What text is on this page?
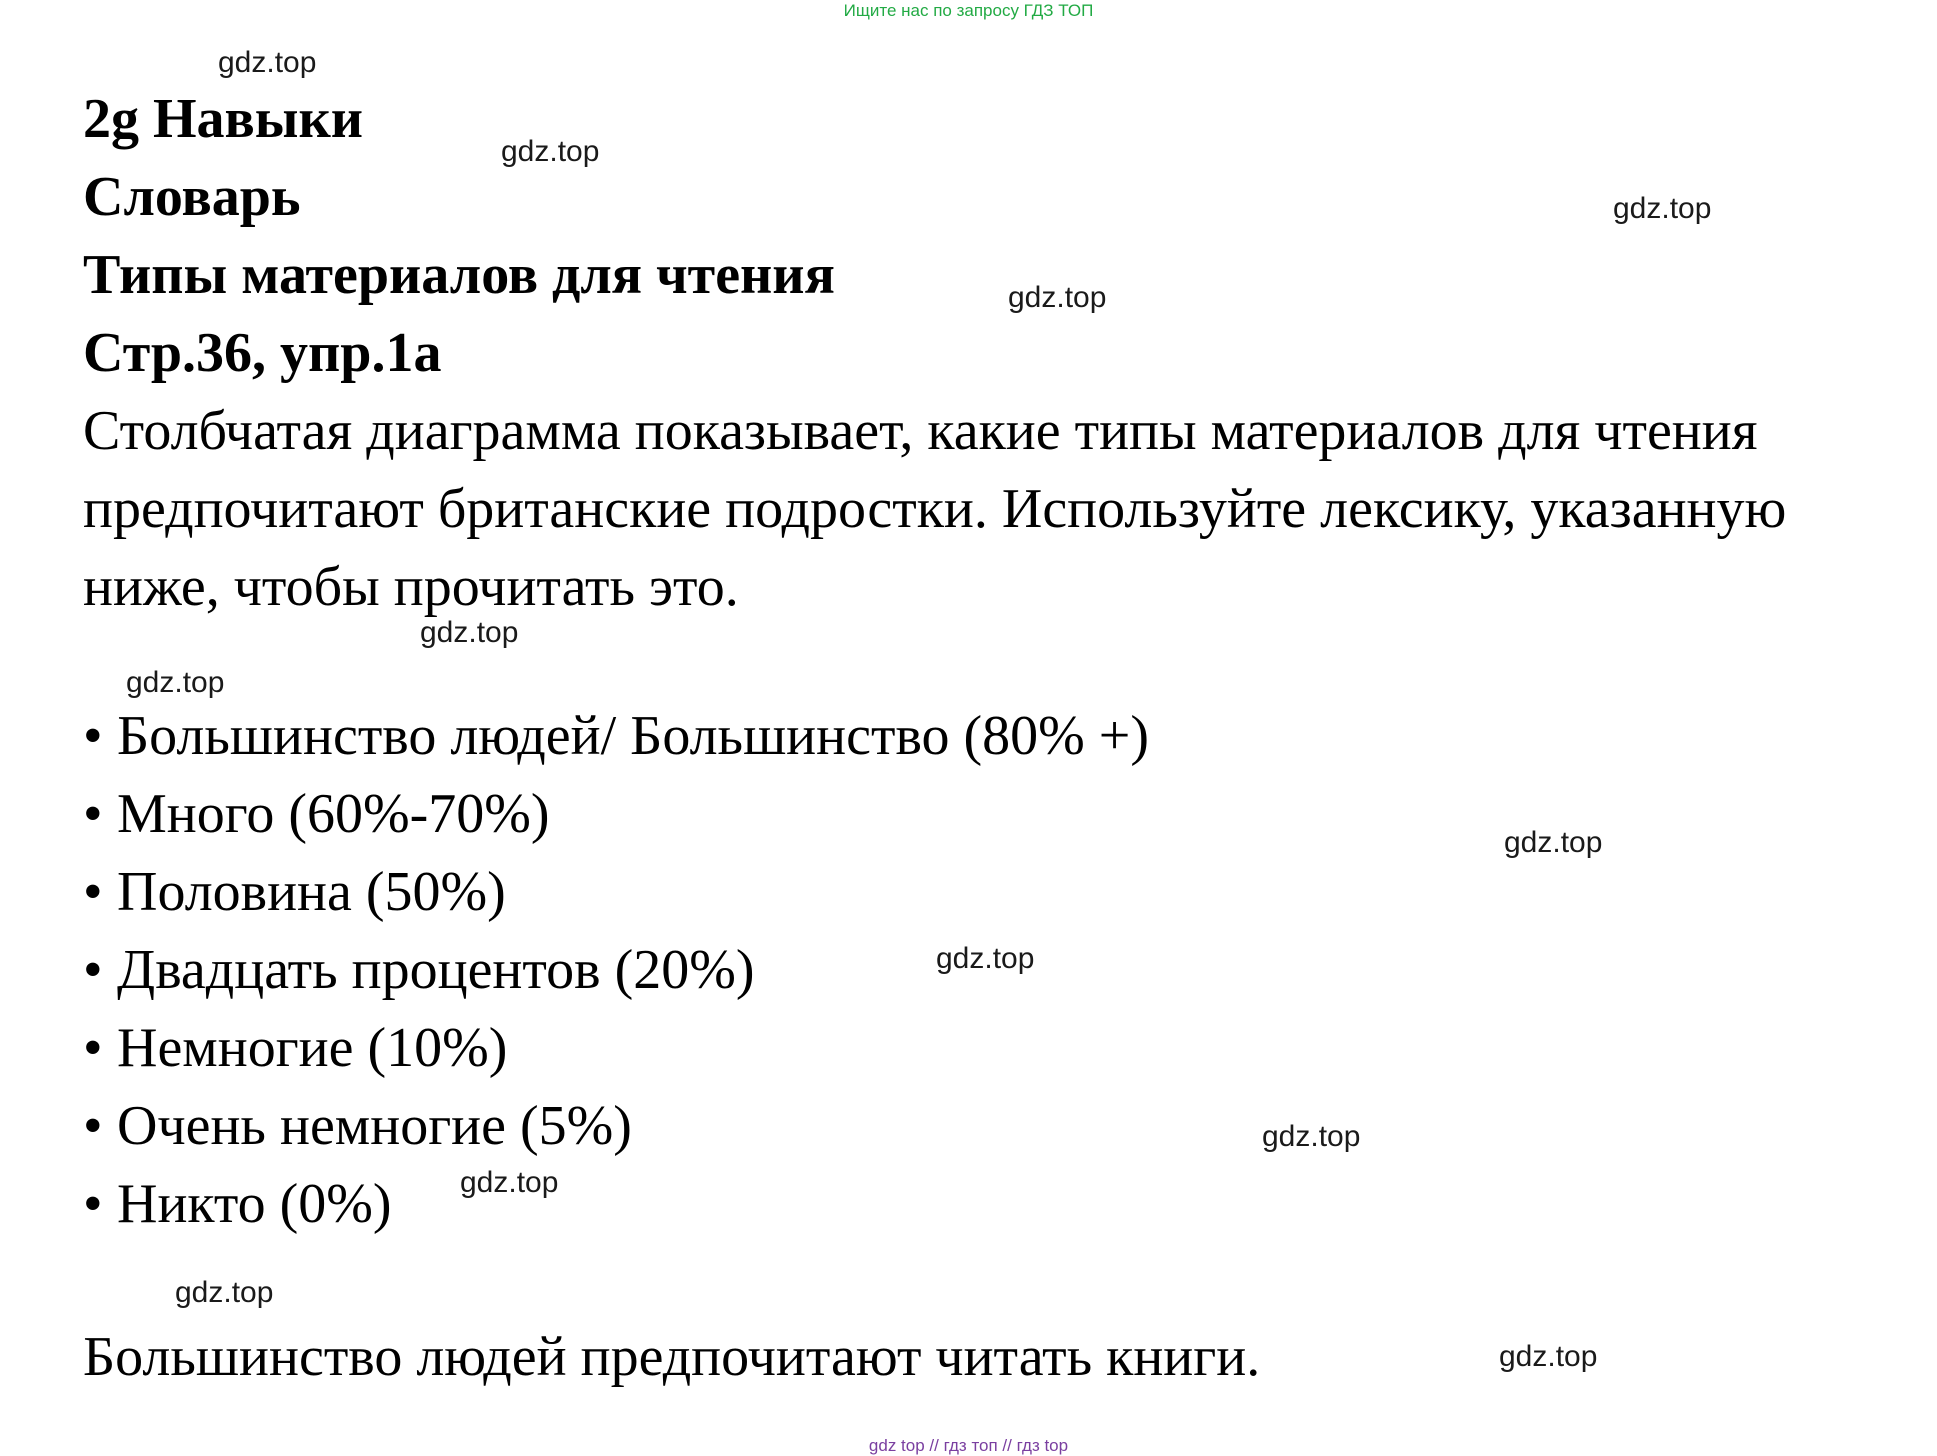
Ищите нас по запросу ГДЗ ТОП
2g Навыки
Словарь
Типы материалов для чтения
Стр.36, упр.1а

Столбчатая диаграмма показывает, какие типы материалов для чтения
предпочитают британские подростки. Используйте лексику, указанную
ниже, чтобы прочитать это.

• Большинство людей/ Большинство (80% +)
• Много (60%-70%)
• Половина (50%)
• Двадцать процентов (20%)
• Немногие (10%)
• Очень немногие (5%)
• Никто (0%)

Большинство людей предпочитают читать книги.

gdz.top
gdz.top
gdz.top
gdz.top
gdz.top
gdz.top
gdz.top
gdz.top
gdz.top
gdz.top
gdz.top
gdz.top
gdz top // гдз топ // гдз top
